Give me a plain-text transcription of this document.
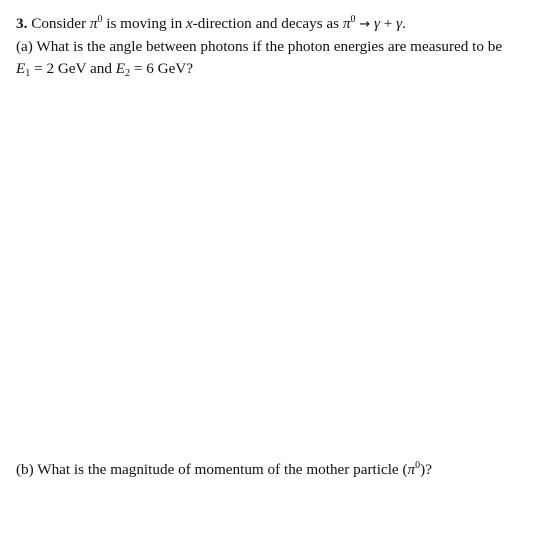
3. Consider $\pi^0$ is moving in x-direction and decays as $\pi^0 \to \gamma + \gamma$.
(a) What is the angle between photons if the photon energies are measured to be
$E_1 = 2$ GeV and $E_2 = 6$ GeV?
(b) What is the magnitude of momentum of the mother particle $(\pi^0)$?
